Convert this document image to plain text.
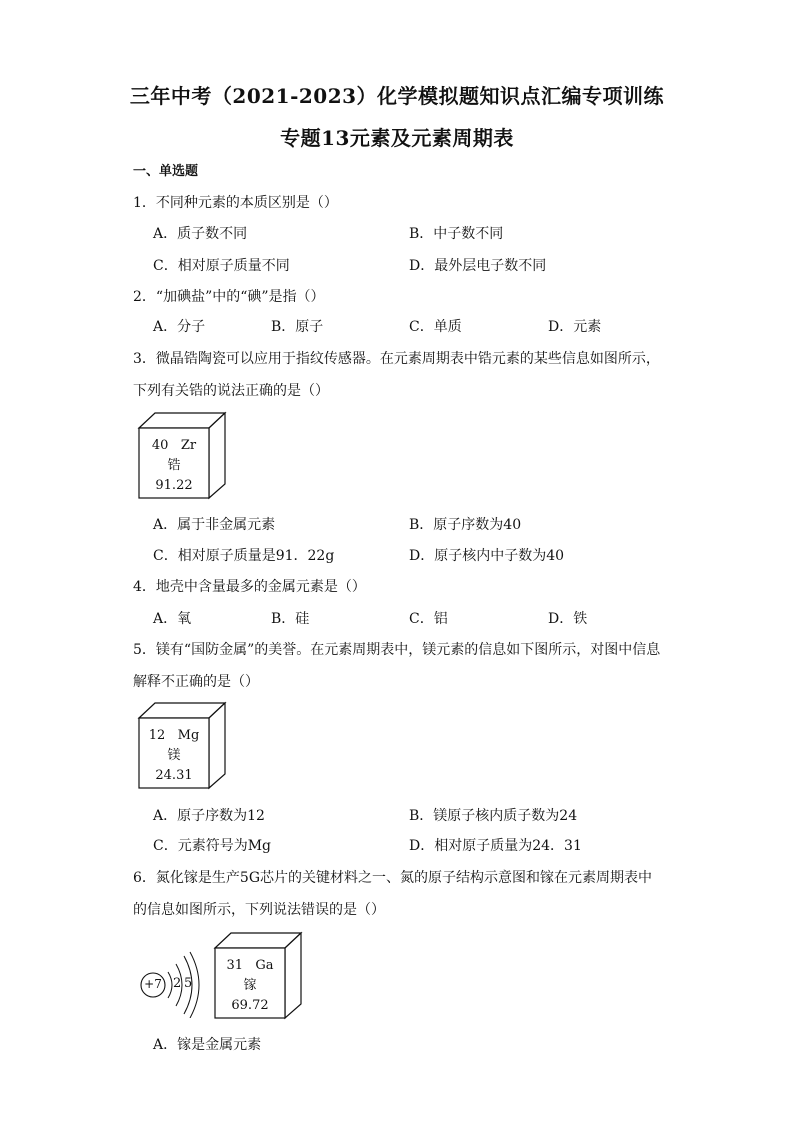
三年中考（2021-2023）化学模拟题知识点汇编专项训练
专题13元素及元素周期表
一、单选题
1．不同种元素的本质区别是（）
A．质子数不同	B．中子数不同
C．相对原子质量不同	D．最外层电子数不同
2．“加碘盐”中的“碘”是指（）
A．分子	B．原子	C．单质	D．元素
3．微晶锆陶瓷可以应用于指纹传感器。在元素周期表中锆元素的某些信息如图所示，
下列有关锆的说法正确的是（）
40 Zr
锆
91.22
A．属于非金属元素	B．原子序数为40
C．相对原子质量是91．22g	D．原子核内中子数为40
4．地壳中含量最多的金属元素是（）
A．氧	B．硅	C．铝	D．铁
5．镁有“国防金属”的美誉。在元素周期表中，镁元素的信息如下图所示，对图中信息
解释不正确的是（）
12 Mg
镁
24.31
A．原子序数为12	B．镁原子核内质子数为24
C．元素符号为Mg	D．相对原子质量为24．31
6．氮化镓是生产5G芯片的关键材料之一、氮的原子结构示意图和镓在元素周期表中
的信息如图所示，下列说法错误的是（）
+7 2 5
31 Ga
镓
69.72
A．镓是金属元素
